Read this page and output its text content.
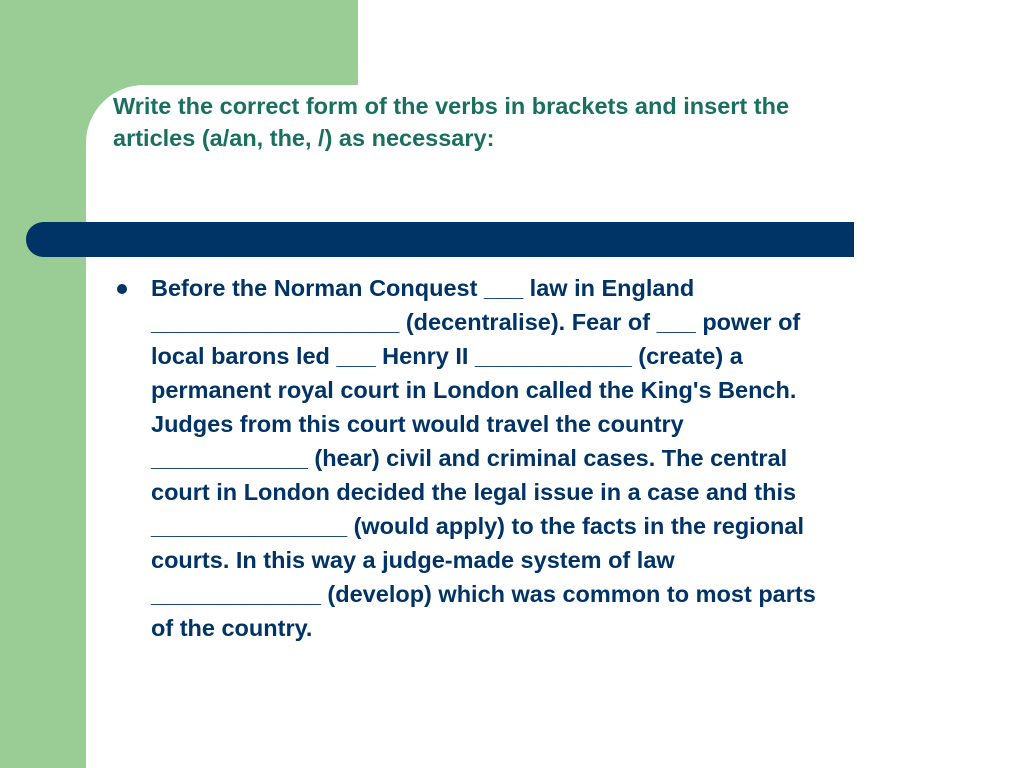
Write the correct form of the verbs in brackets and insert the
articles (a/an, the, /) as necessary:
Before the Norman Conquest ___ law in England
___________________ (decentralise). Fear of ___ power of
local barons led ___ Henry II ____________ (create) a
permanent royal court in London called the King's Bench.
Judges from this court would travel the country
____________ (hear) civil and criminal cases. The central
court in London decided the legal issue in a case and this
_______________ (would apply) to the facts in the regional
courts. In this way a judge-made system of law
_____________ (develop) which was common to most parts
of the country.
